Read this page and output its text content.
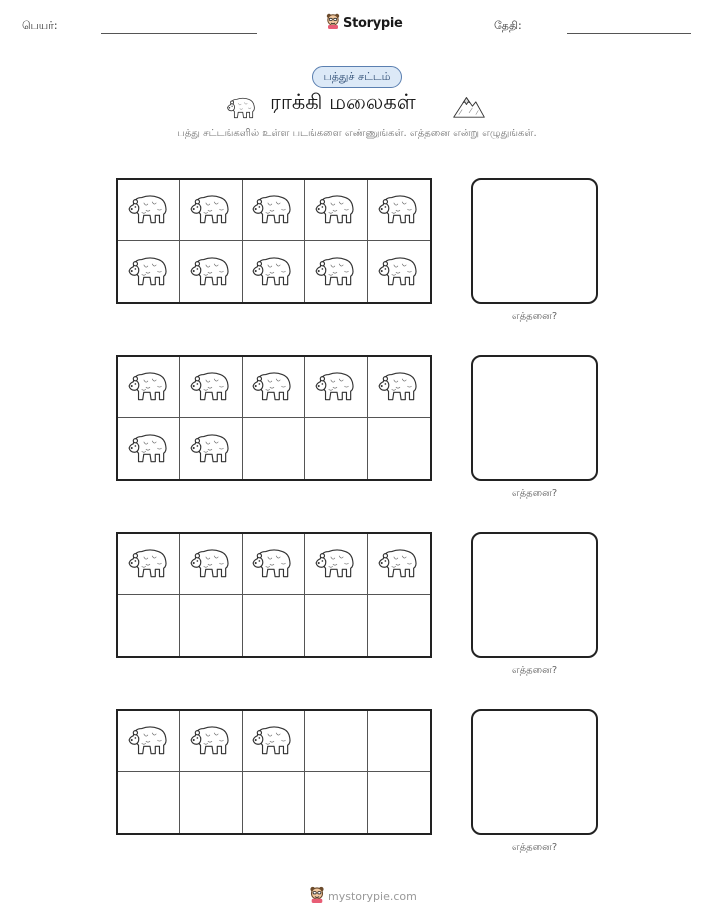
பெயர்:	Storypie	தேதி:
பத்துச் சட்டம்
ராக்கி மலைகள்
பத்து சட்டங்களில் உள்ள படங்களை எண்ணுங்கள். எத்தனை என்று எழுதுங்கள்.
எத்தனை?
எத்தனை?
எத்தனை?
எத்தனை?
mystorypie.com
